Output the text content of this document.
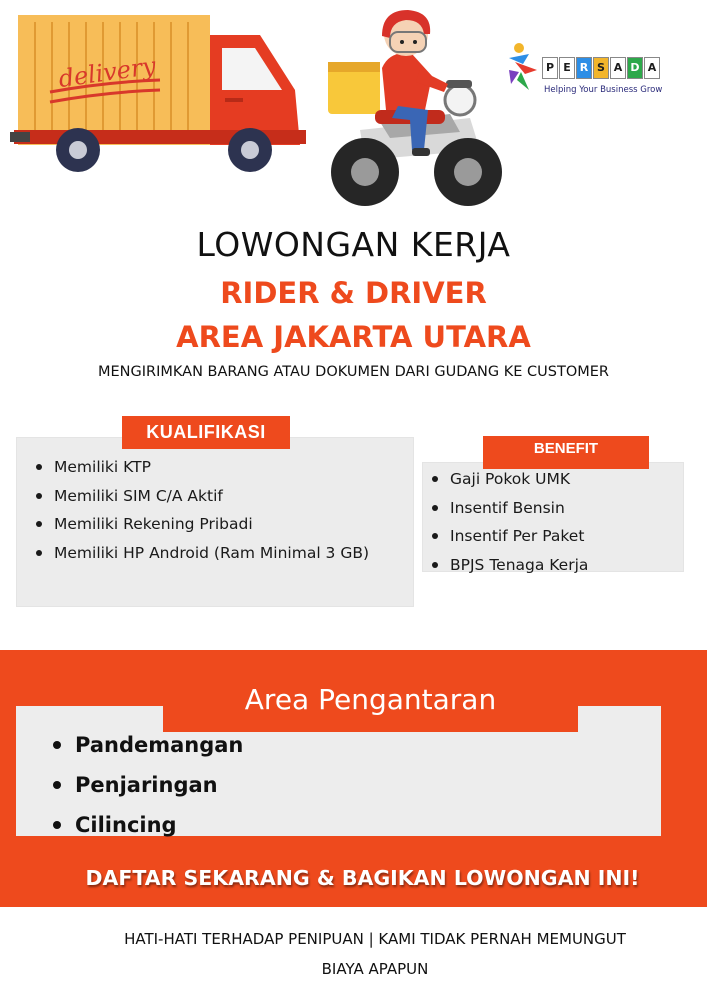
delivery	P E R S A D A
Helping Your Business Grow
LOWONGAN KERJA
RIDER & DRIVER
AREA JAKARTA UTARA
MENGIRIMKAN BARANG ATAU DOKUMEN DARI GUDANG KE CUSTOMER
KUALIFIKASI
Memiliki KTP
Memiliki SIM C/A Aktif
Memiliki Rekening Pribadi
Memiliki HP Android (Ram Minimal 3 GB)
BENEFIT
Gaji Pokok UMK
Insentif Bensin
Insentif Per Paket
BPJS Tenaga Kerja
Area Pengantaran
Pandemangan
Penjaringan
Cilincing
DAFTAR SEKARANG & BAGIKAN LOWONGAN INI!
HATI-HATI TERHADAP PENIPUAN | KAMI TIDAK PERNAH MEMUNGUT
BIAYA APAPUN
